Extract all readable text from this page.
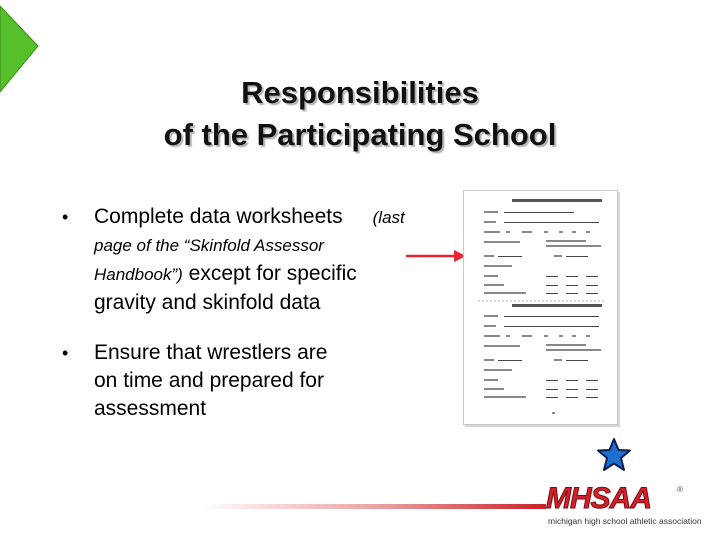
Responsibilities
of the Participating School
• Complete data worksheets (last
page of the “Skinfold Assessor
Handbook”) except for specific
gravity and skinfold data
• Ensure that wrestlers are
on time and prepared for
assessment
MHSAA	®
michigan high school athletic association
